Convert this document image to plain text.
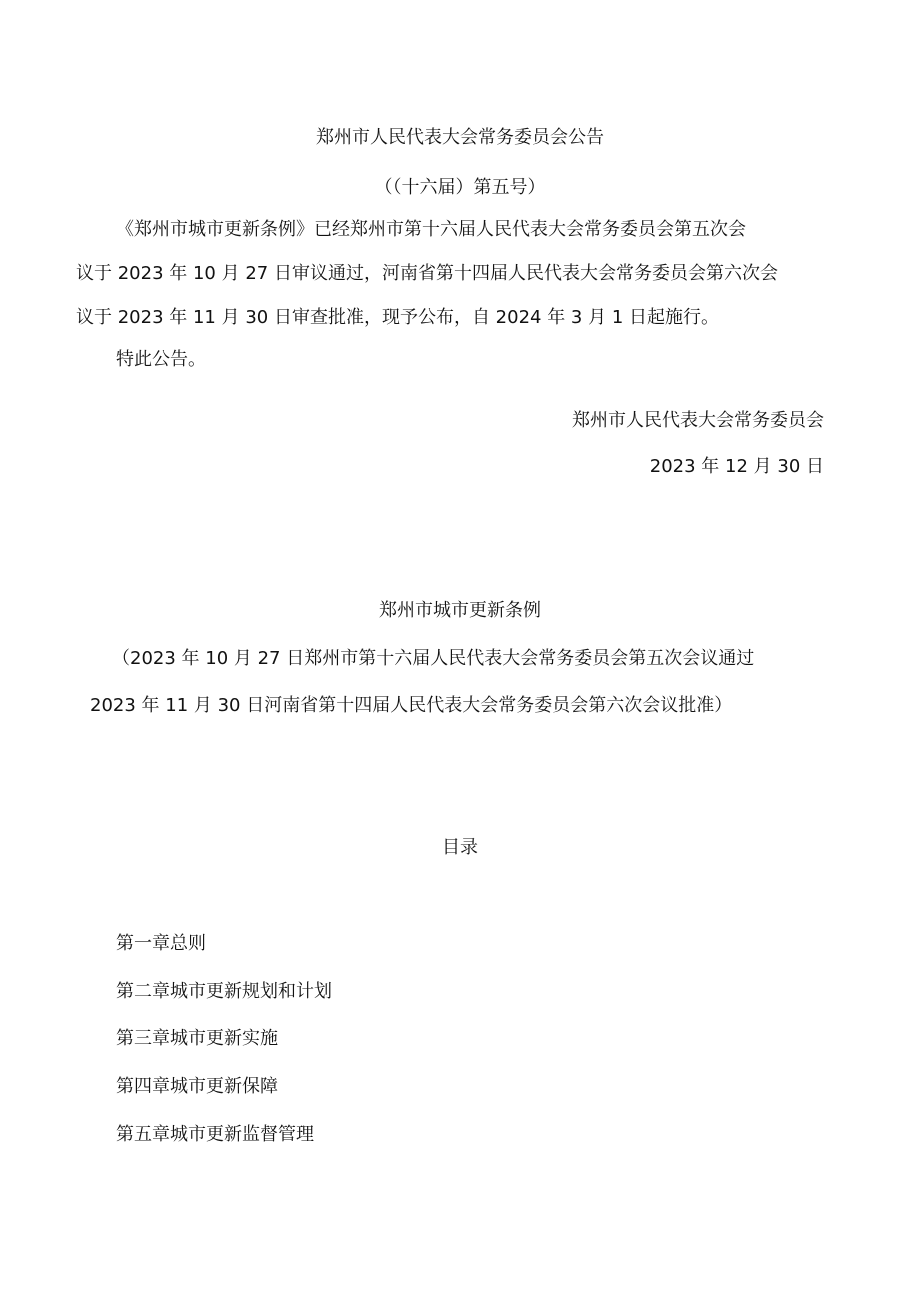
郑州市人民代表大会常务委员会公告
（（十六届）第五号）
《郑州市城市更新条例》已经郑州市第十六届人民代表大会常务委员会第五次会
议于 2023 年 10 月 27 日审议通过，河南省第十四届人民代表大会常务委员会第六次会
议于 2023 年 11 月 30 日审查批准，现予公布，自 2024 年 3 月 1 日起施行。
特此公告。
郑州市人民代表大会常务委员会
2023 年 12 月 30 日
郑州市城市更新条例
（2023 年 10 月 27 日郑州市第十六届人民代表大会常务委员会第五次会议通过
2023 年 11 月 30 日河南省第十四届人民代表大会常务委员会第六次会议批准）
目录
第一章总则
第二章城市更新规划和计划
第三章城市更新实施
第四章城市更新保障
第五章城市更新监督管理
